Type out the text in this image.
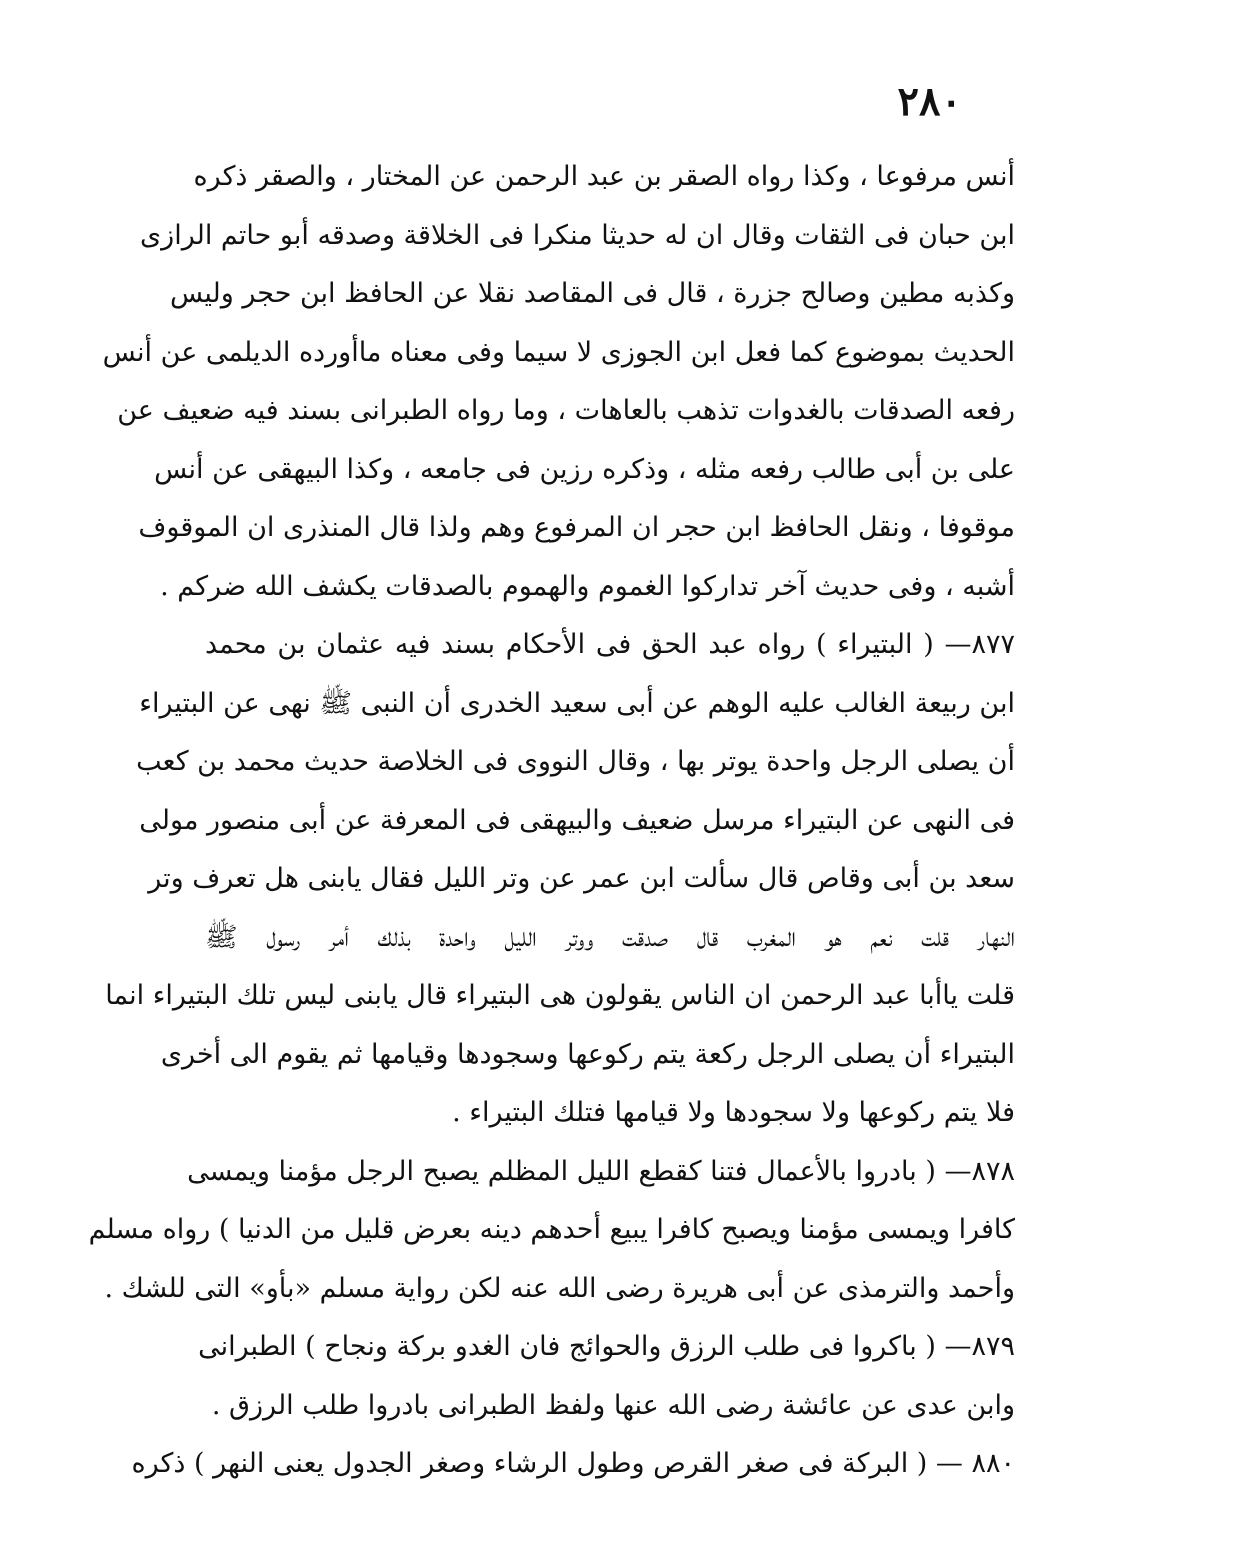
٢٨٠
أنس مرفوعا ، وكذا رواه الصقر بن عبد الرحمن عن المختار ، والصقر ذكره
ابن حبان فى الثقات وقال ان له حديثا منكرا فى الخلاقة وصدقه أبو حاتم الرازى
وكذبه مطين وصالح جزرة ، قال فى المقاصد نقلا عن الحافظ ابن حجر وليس
الحديث بموضوع كما فعل ابن الجوزى لا سيما وفى معناه ماأورده الديلمى عن أنس
رفعه الصدقات بالغدوات تذهب بالعاهات ، وما رواه الطبرانى بسند فيه ضعيف عن
على بن أبى طالب رفعه مثله ، وذكره رزين فى جامعه ، وكذا البيهقى عن أنس
موقوفا ، ونقل الحافظ ابن حجر ان المرفوع وهم ولذا قال المنذرى ان الموقوف
أشبه ، وفى حديث آخر تداركوا الغموم والهموم بالصدقات يكشف الله ضركم .
٨٧٧— ( البتيراء ) رواه عبد الحق فى الأحكام بسند فيه عثمان بن محمد
ابن ربيعة الغالب عليه الوهم عن أبى سعيد الخدرى أن النبى ﷺ نهى عن البتيراء
أن يصلى الرجل واحدة يوتر بها ، وقال النووى فى الخلاصة حديث محمد بن كعب
فى النهى عن البتيراء مرسل ضعيف والبيهقى فى المعرفة عن أبى منصور مولى
سعد بن أبى وقاص قال سألت ابن عمر عن وتر الليل فقال يابنى هل تعرف وتر
النهار قلت نعم هو المغرب قال صدقت ووتر الليل واحدة بذلك أمر رسول ﷺ
قلت ياأبا عبد الرحمن ان الناس يقولون هى البتيراء قال يابنى ليس تلك البتيراء انما
البتيراء أن يصلى الرجل ركعة يتم ركوعها وسجودها وقيامها ثم يقوم الى أخرى
فلا يتم ركوعها ولا سجودها ولا قيامها فتلك البتيراء .
٨٧٨— ( بادروا بالأعمال فتنا كقطع الليل المظلم يصبح الرجل مؤمنا ويمسى
كافرا ويمسى مؤمنا ويصبح كافرا يبيع أحدهم دينه بعرض قليل من الدنيا ) رواه مسلم
وأحمد والترمذى عن أبى هريرة رضى الله عنه لكن رواية مسلم «بأو» التى للشك .
٨٧٩— ( باكروا فى طلب الرزق والحوائج فان الغدو بركة ونجاح ) الطبرانى
وابن عدى عن عائشة رضى الله عنها ولفظ الطبرانى بادروا طلب الرزق .
٨٨٠ — ( البركة فى صغر القرص وطول الرشاء وصغر الجدول يعنى النهر ) ذكره
